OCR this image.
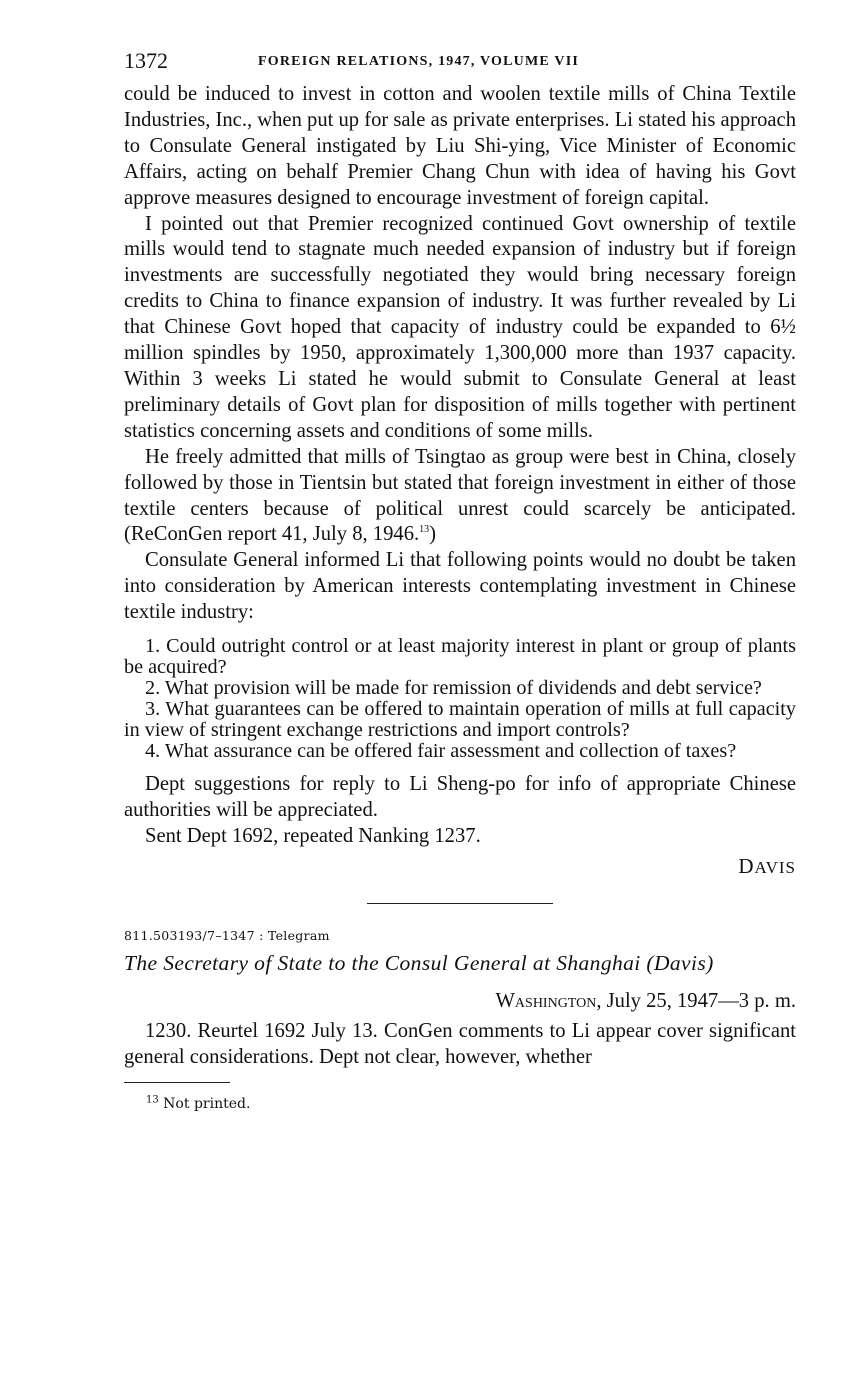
1372	FOREIGN RELATIONS, 1947, VOLUME VII

could be induced to invest in cotton and woolen textile mills of China Textile Industries, Inc., when put up for sale as private enterprises. Li stated his approach to Consulate General instigated by Liu Shi-ying, Vice Minister of Economic Affairs, acting on behalf Premier Chang Chun with idea of having his Govt approve measures designed to encourage investment of foreign capital.

I pointed out that Premier recognized continued Govt ownership of textile mills would tend to stagnate much needed expansion of industry but if foreign investments are successfully negotiated they would bring necessary foreign credits to China to finance expansion of industry. It was further revealed by Li that Chinese Govt hoped that capacity of industry could be expanded to 6½ million spindles by 1950, approximately 1,300,000 more than 1937 capacity. Within 3 weeks Li stated he would submit to Consulate General at least preliminary details of Govt plan for disposition of mills together with pertinent statistics concerning assets and conditions of some mills.

He freely admitted that mills of Tsingtao as group were best in China, closely followed by those in Tientsin but stated that foreign investment in either of those textile centers because of political unrest could scarcely be anticipated. (ReConGen report 41, July 8, 1946.13)

Consulate General informed Li that following points would no doubt be taken into consideration by American interests contemplating investment in Chinese textile industry:

1. Could outright control or at least majority interest in plant or group of plants be acquired?

2. What provision will be made for remission of dividends and debt service?

3. What guarantees can be offered to maintain operation of mills at full capacity in view of stringent exchange restrictions and import controls?

4. What assurance can be offered fair assessment and collection of taxes?

Dept suggestions for reply to Li Sheng-po for info of appropriate Chinese authorities will be appreciated.

Sent Dept 1692, repeated Nanking 1237.

DAVIS
811.503193/7–1347 : Telegram
The Secretary of State to the Consul General at Shanghai (Davis)
Washington, July 25, 1947—3 p. m.

1230. Reurtel 1692 July 13. ConGen comments to Li appear cover significant general considerations. Dept not clear, however, whether

$^{13}$ Not printed.
